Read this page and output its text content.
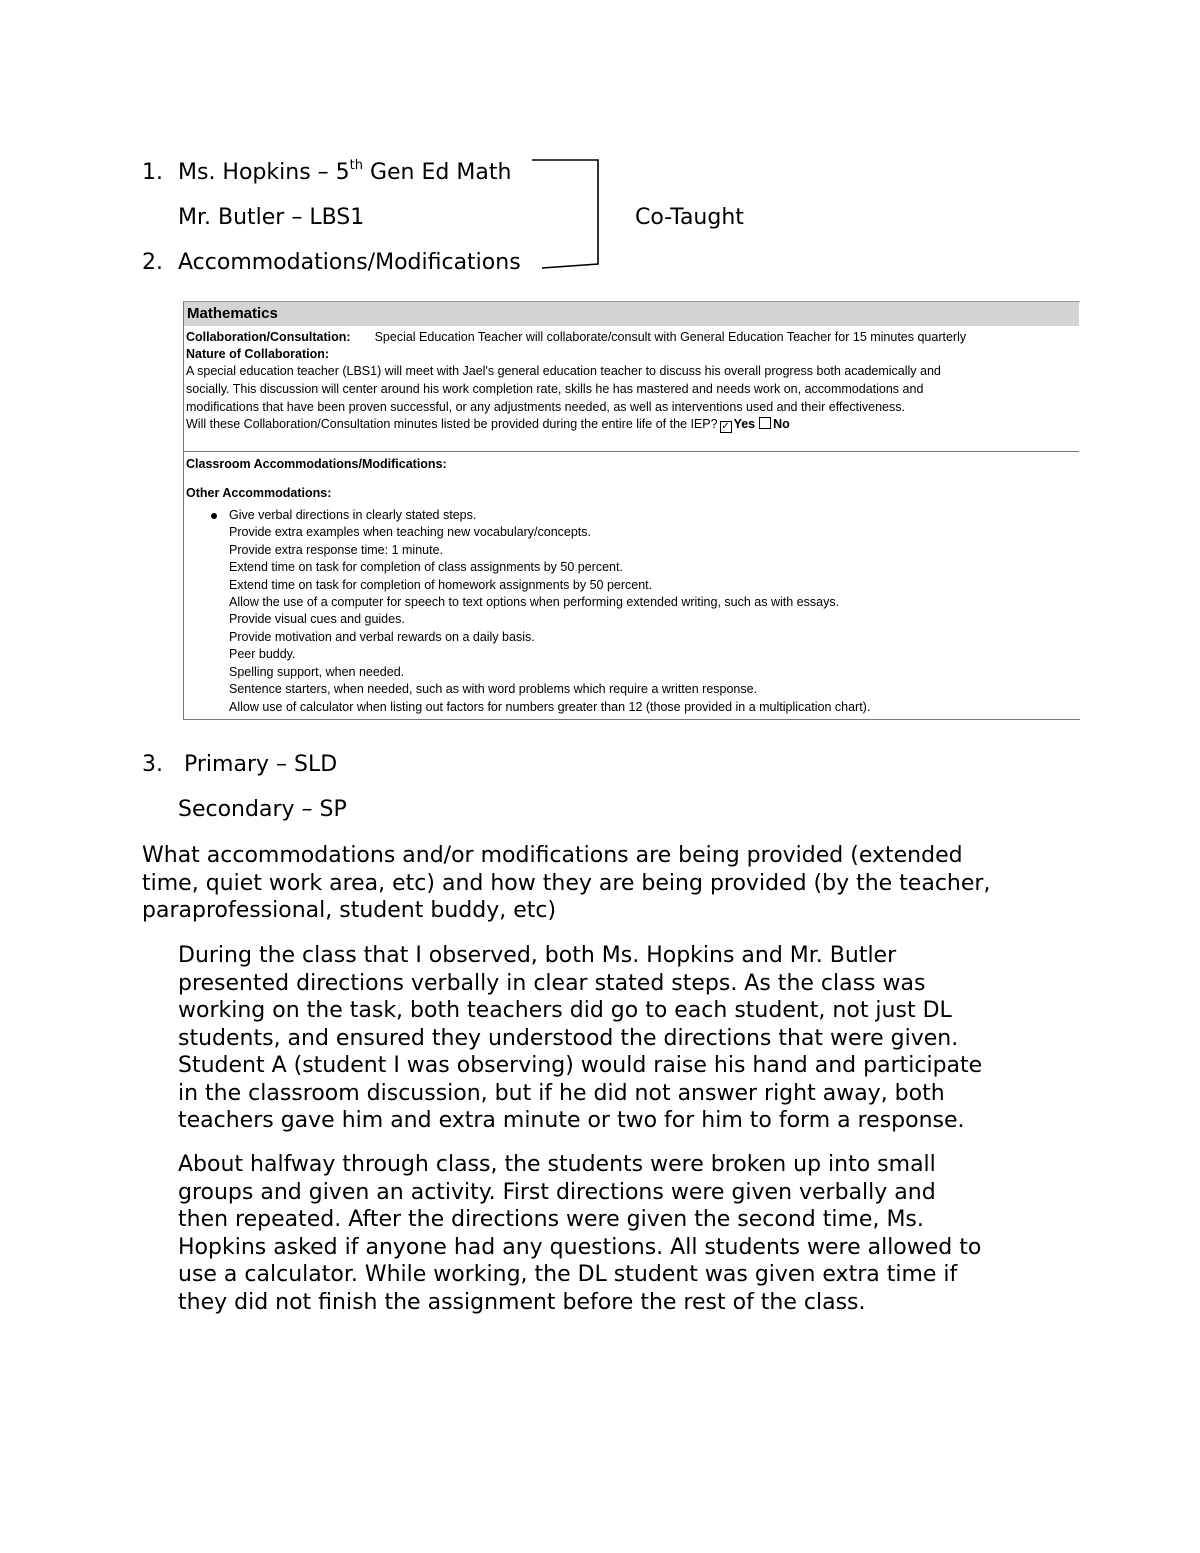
1. Ms. Hopkins – 5th Gen Ed Math
Mr. Butler – LBS1	Co-Taught
2. Accommodations/Modifications
Mathematics
Collaboration/Consultation: Special Education Teacher will collaborate/consult with General Education Teacher for 15 minutes quarterly
Nature of Collaboration:
A special education teacher (LBS1) will meet with Jael's general education teacher to discuss his overall progress both academically and
socially. This discussion will center around his work completion rate, skills he has mastered and needs work on, accommodations and
modifications that have been proven successful, or any adjustments needed, as well as interventions used and their effectiveness.
Will these Collaboration/Consultation minutes listed be provided during the entire life of the IEP? ✓ Yes No
Classroom Accommodations/Modifications:
Other Accommodations:
Give verbal directions in clearly stated steps.
Provide extra examples when teaching new vocabulary/concepts.
Provide extra response time: 1 minute.
Extend time on task for completion of class assignments by 50 percent.
Extend time on task for completion of homework assignments by 50 percent.
Allow the use of a computer for speech to text options when performing extended writing, such as with essays.
Provide visual cues and guides.
Provide motivation and verbal rewards on a daily basis.
Peer buddy.
Spelling support, when needed.
Sentence starters, when needed, such as with word problems which require a written response.
Allow use of calculator when listing out factors for numbers greater than 12 (those provided in a multiplication chart).
3. Primary – SLD
Secondary – SP
What accommodations and/or modifications are being provided (extended
time, quiet work area, etc) and how they are being provided (by the teacher,
paraprofessional, student buddy, etc)
During the class that I observed, both Ms. Hopkins and Mr. Butler
presented directions verbally in clear stated steps. As the class was
working on the task, both teachers did go to each student, not just DL
students, and ensured they understood the directions that were given.
Student A (student I was observing) would raise his hand and participate
in the classroom discussion, but if he did not answer right away, both
teachers gave him and extra minute or two for him to form a response.
About halfway through class, the students were broken up into small
groups and given an activity. First directions were given verbally and
then repeated. After the directions were given the second time, Ms.
Hopkins asked if anyone had any questions. All students were allowed to
use a calculator. While working, the DL student was given extra time if
they did not finish the assignment before the rest of the class.
